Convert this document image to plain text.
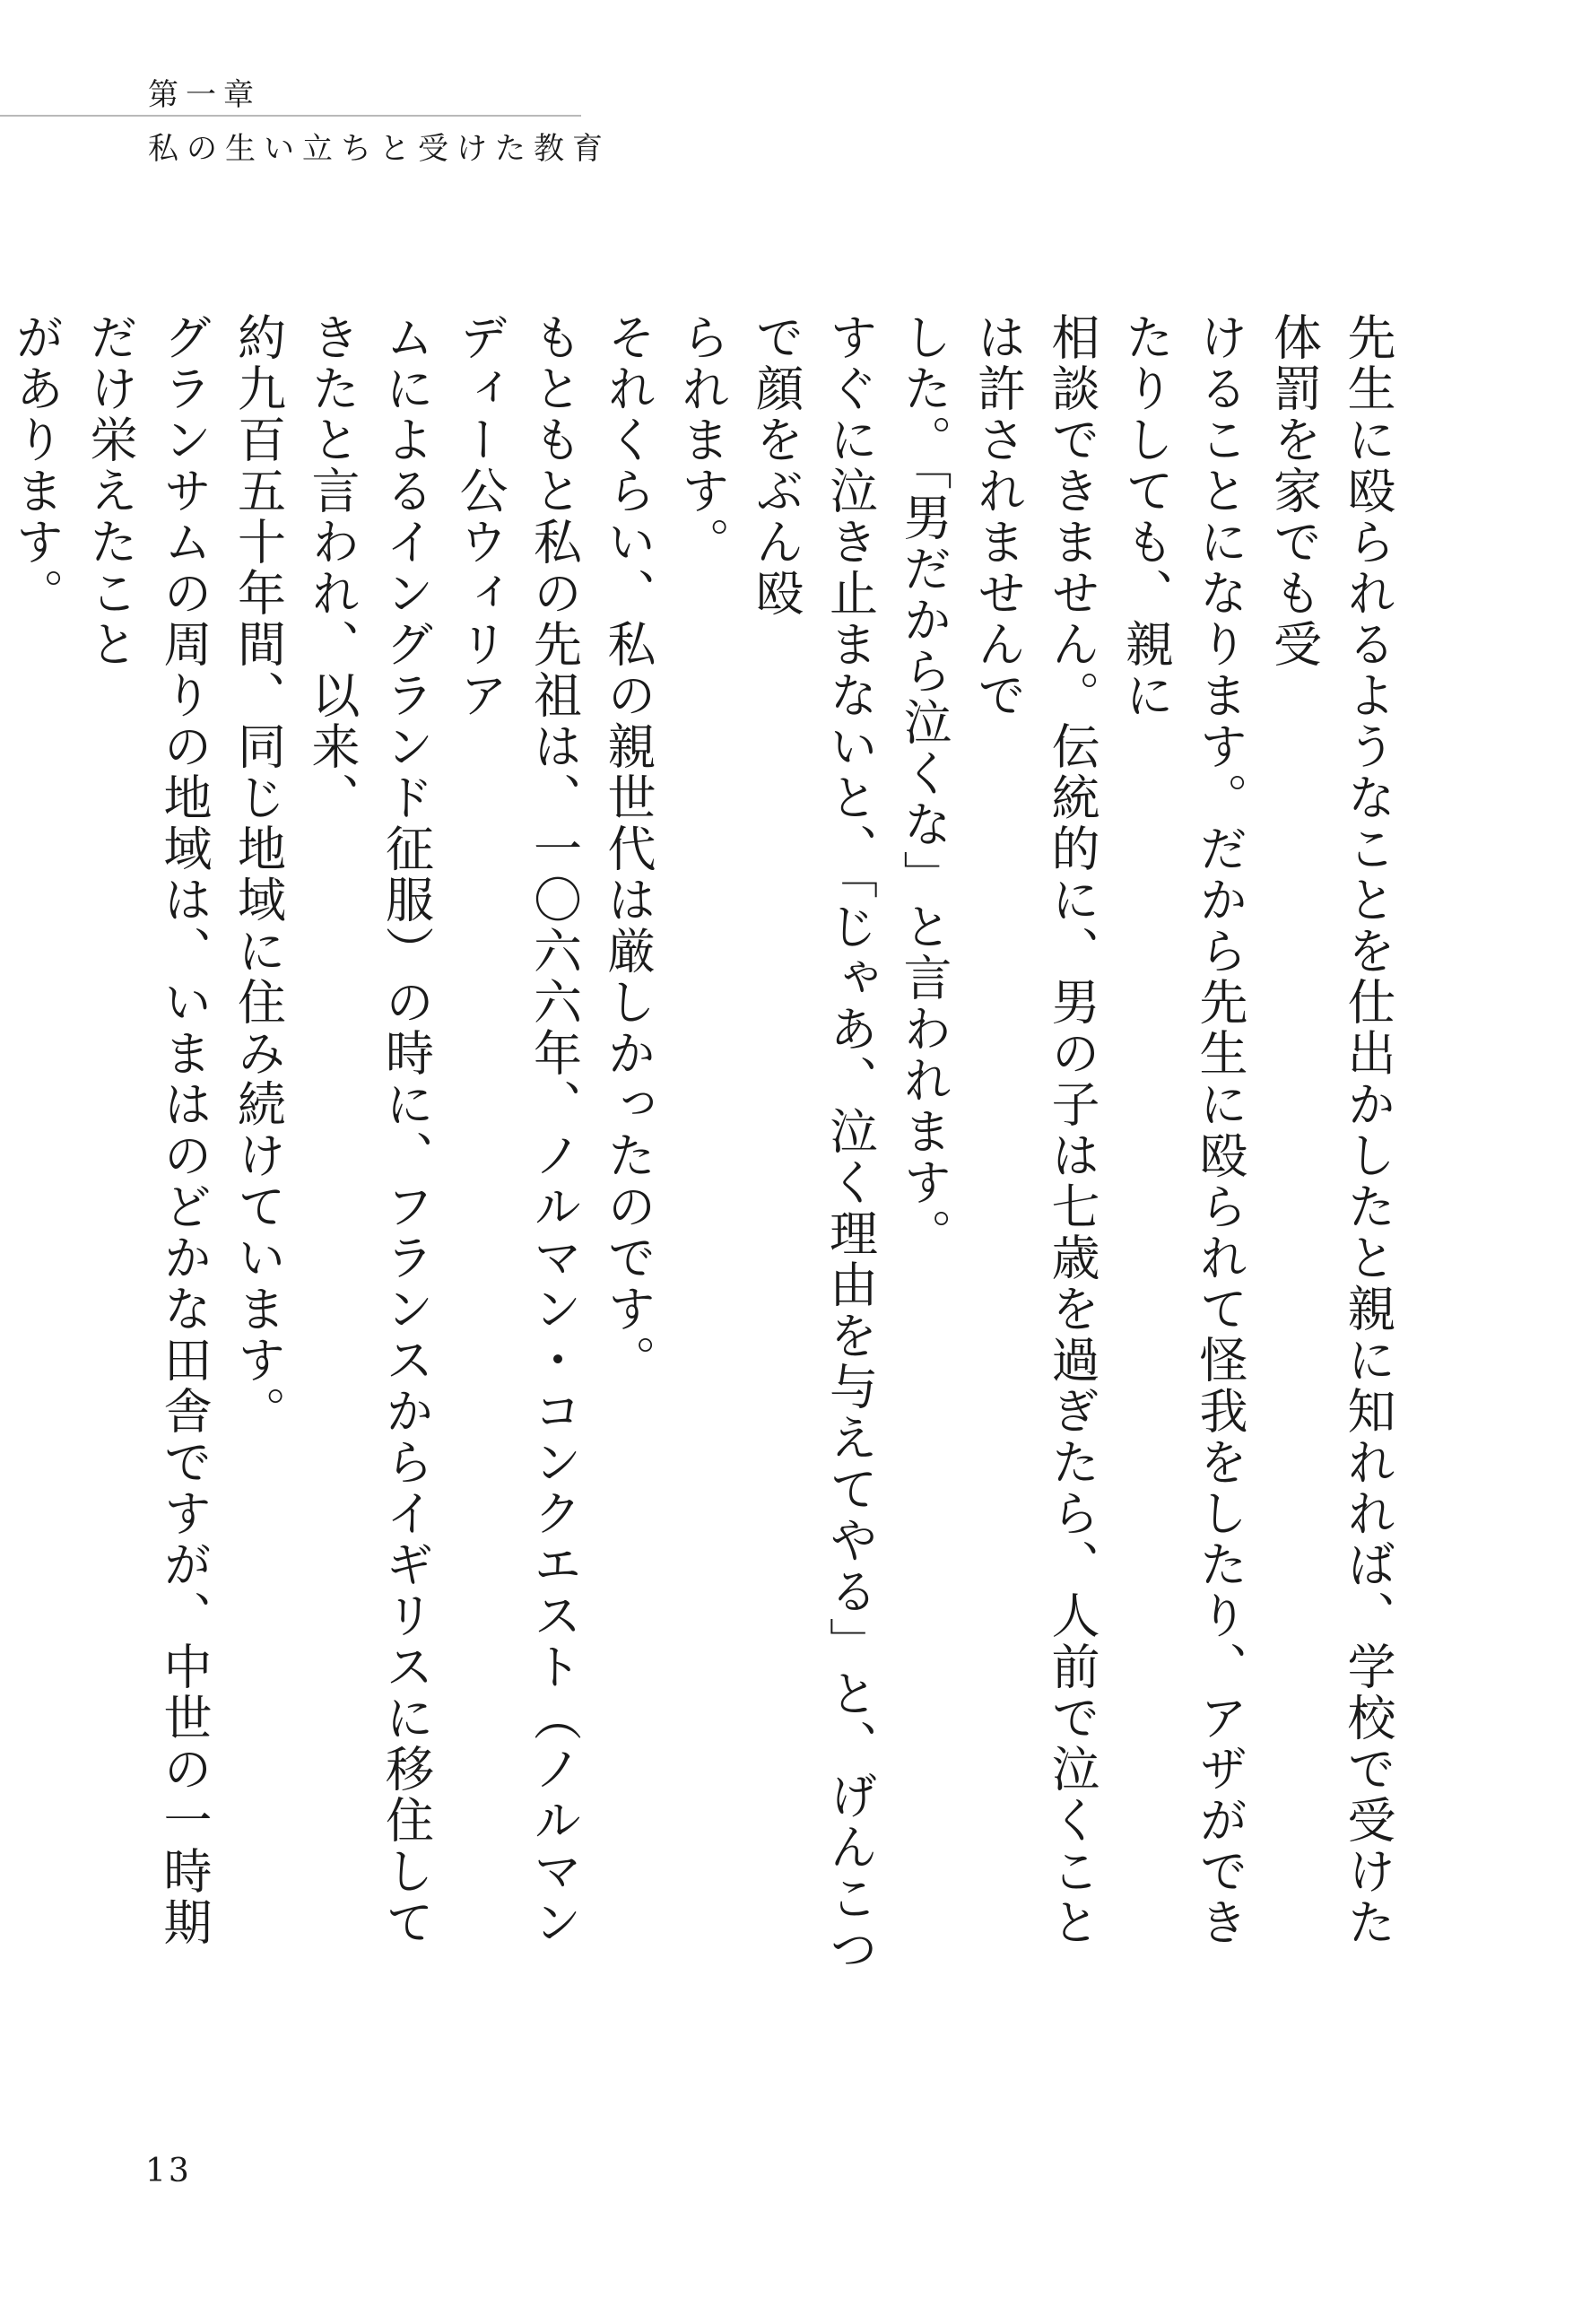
第一章
私の生い立ちと受けた教育

先生に殴られるようなことを仕出かしたと親に知れれば、学校で受けた体罰を家でも受

けることになります。だから先生に殴られて怪我をしたり、アザができたりしても、親に

相談できません。伝統的に、男の子は七歳を過ぎたら、人前で泣くことは許されませんで

した。「男だから泣くな」と言われます。

すぐに泣き止まないと、「じゃあ、泣く理由を与えてやる」と、げんこつで顔をぶん殴

られます。

それくらい、私の親世代は厳しかったのです。

もともと私の先祖は、一〇六六年、ノルマン・コンクエスト（ノルマンディー公ウィリア

ムによるイングランド征服）の時に、フランスからイギリスに移住してきたと言われ、以来、

約九百五十年間、同じ地域に住み続けています。

グランサムの周りの地域は、いまはのどかな田舎ですが、中世の一時期だけ栄えたこと

があります。

13
